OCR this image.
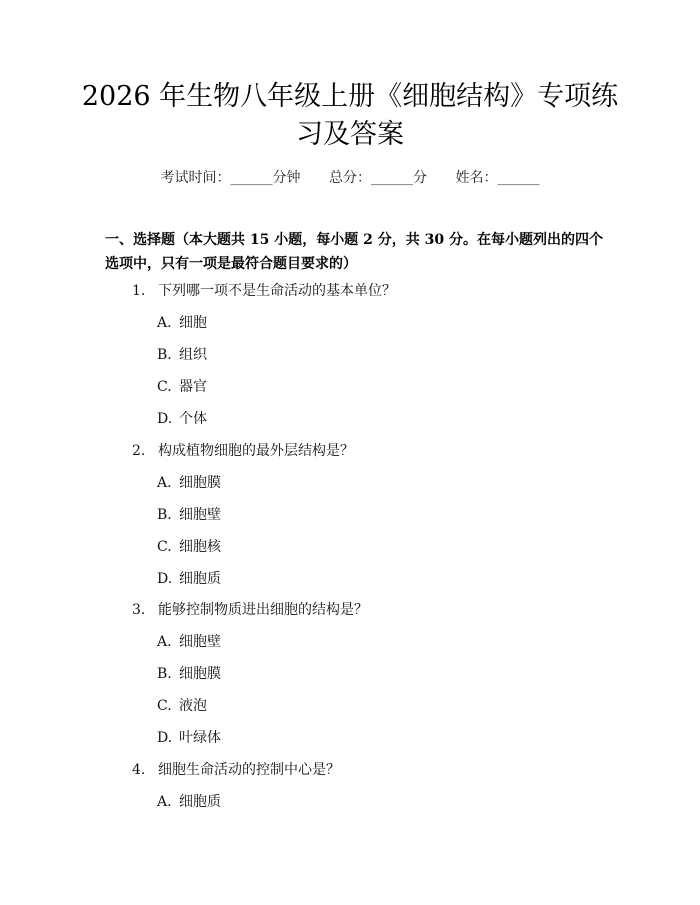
2026 年生物八年级上册《细胞结构》专项练习及答案
考试时间：______分钟 总分：______分 姓名：______

一、选择题（本大题共 15 小题，每小题 2 分，共 30 分。在每小题列出的四个选项中，只有一项是最符合题目要求的）

1. 下列哪一项不是生命活动的基本单位？
A. 细胞
B. 组织
C. 器官
D. 个体
2. 构成植物细胞的最外层结构是？
A. 细胞膜
B. 细胞壁
C. 细胞核
D. 细胞质
3. 能够控制物质进出细胞的结构是？
A. 细胞壁
B. 细胞膜
C. 液泡
D. 叶绿体
4. 细胞生命活动的控制中心是？
A. 细胞质
